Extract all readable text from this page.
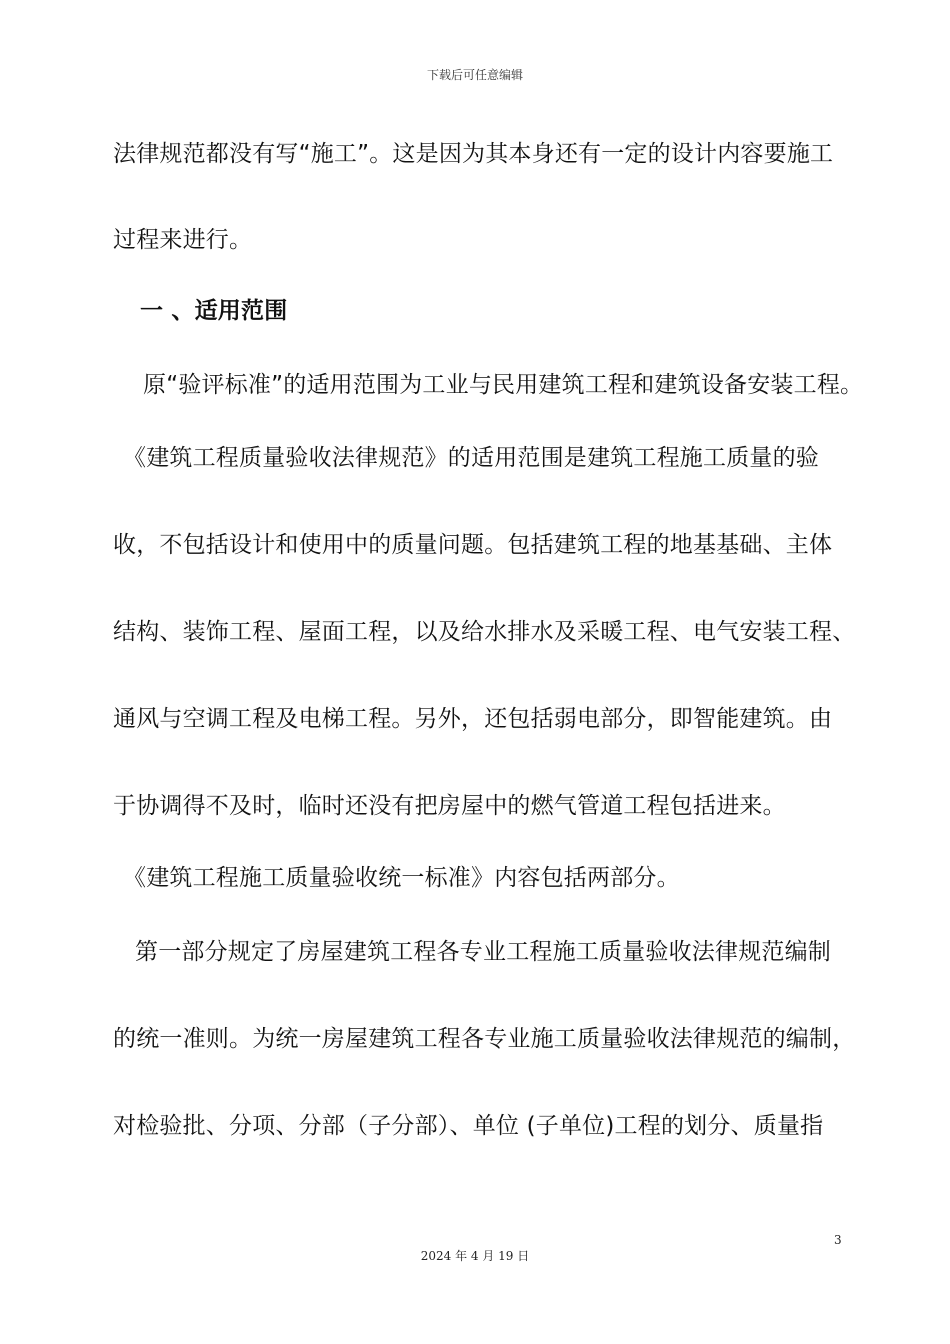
下载后可任意编辑
法律规范都没有写“施工”。这是因为其本身还有一定的设计内容要施工
过程来进行。
一 、适用范围
原“验评标准”的适用范围为工业与民用建筑工程和建筑设备安装工程。
《建筑工程质量验收法律规范》的适用范围是建筑工程施工质量的验
收，不包括设计和使用中的质量问题。包括建筑工程的地基基础、主体
结构、装饰工程、屋面工程，以及给水排水及采暖工程、电气安装工程、
通风与空调工程及电梯工程。另外，还包括弱电部分，即智能建筑。由
于协调得不及时，临时还没有把房屋中的燃气管道工程包括进来。
《建筑工程施工质量验收统一标准》内容包括两部分。
第一部分规定了房屋建筑工程各专业工程施工质量验收法律规范编制
的统一准则。为统一房屋建筑工程各专业施工质量验收法律规范的编制，
对检验批、分项、分部（子分部）、单位 (子单位)工程的划分、质量指
3
2024 年 4 月 19 日
